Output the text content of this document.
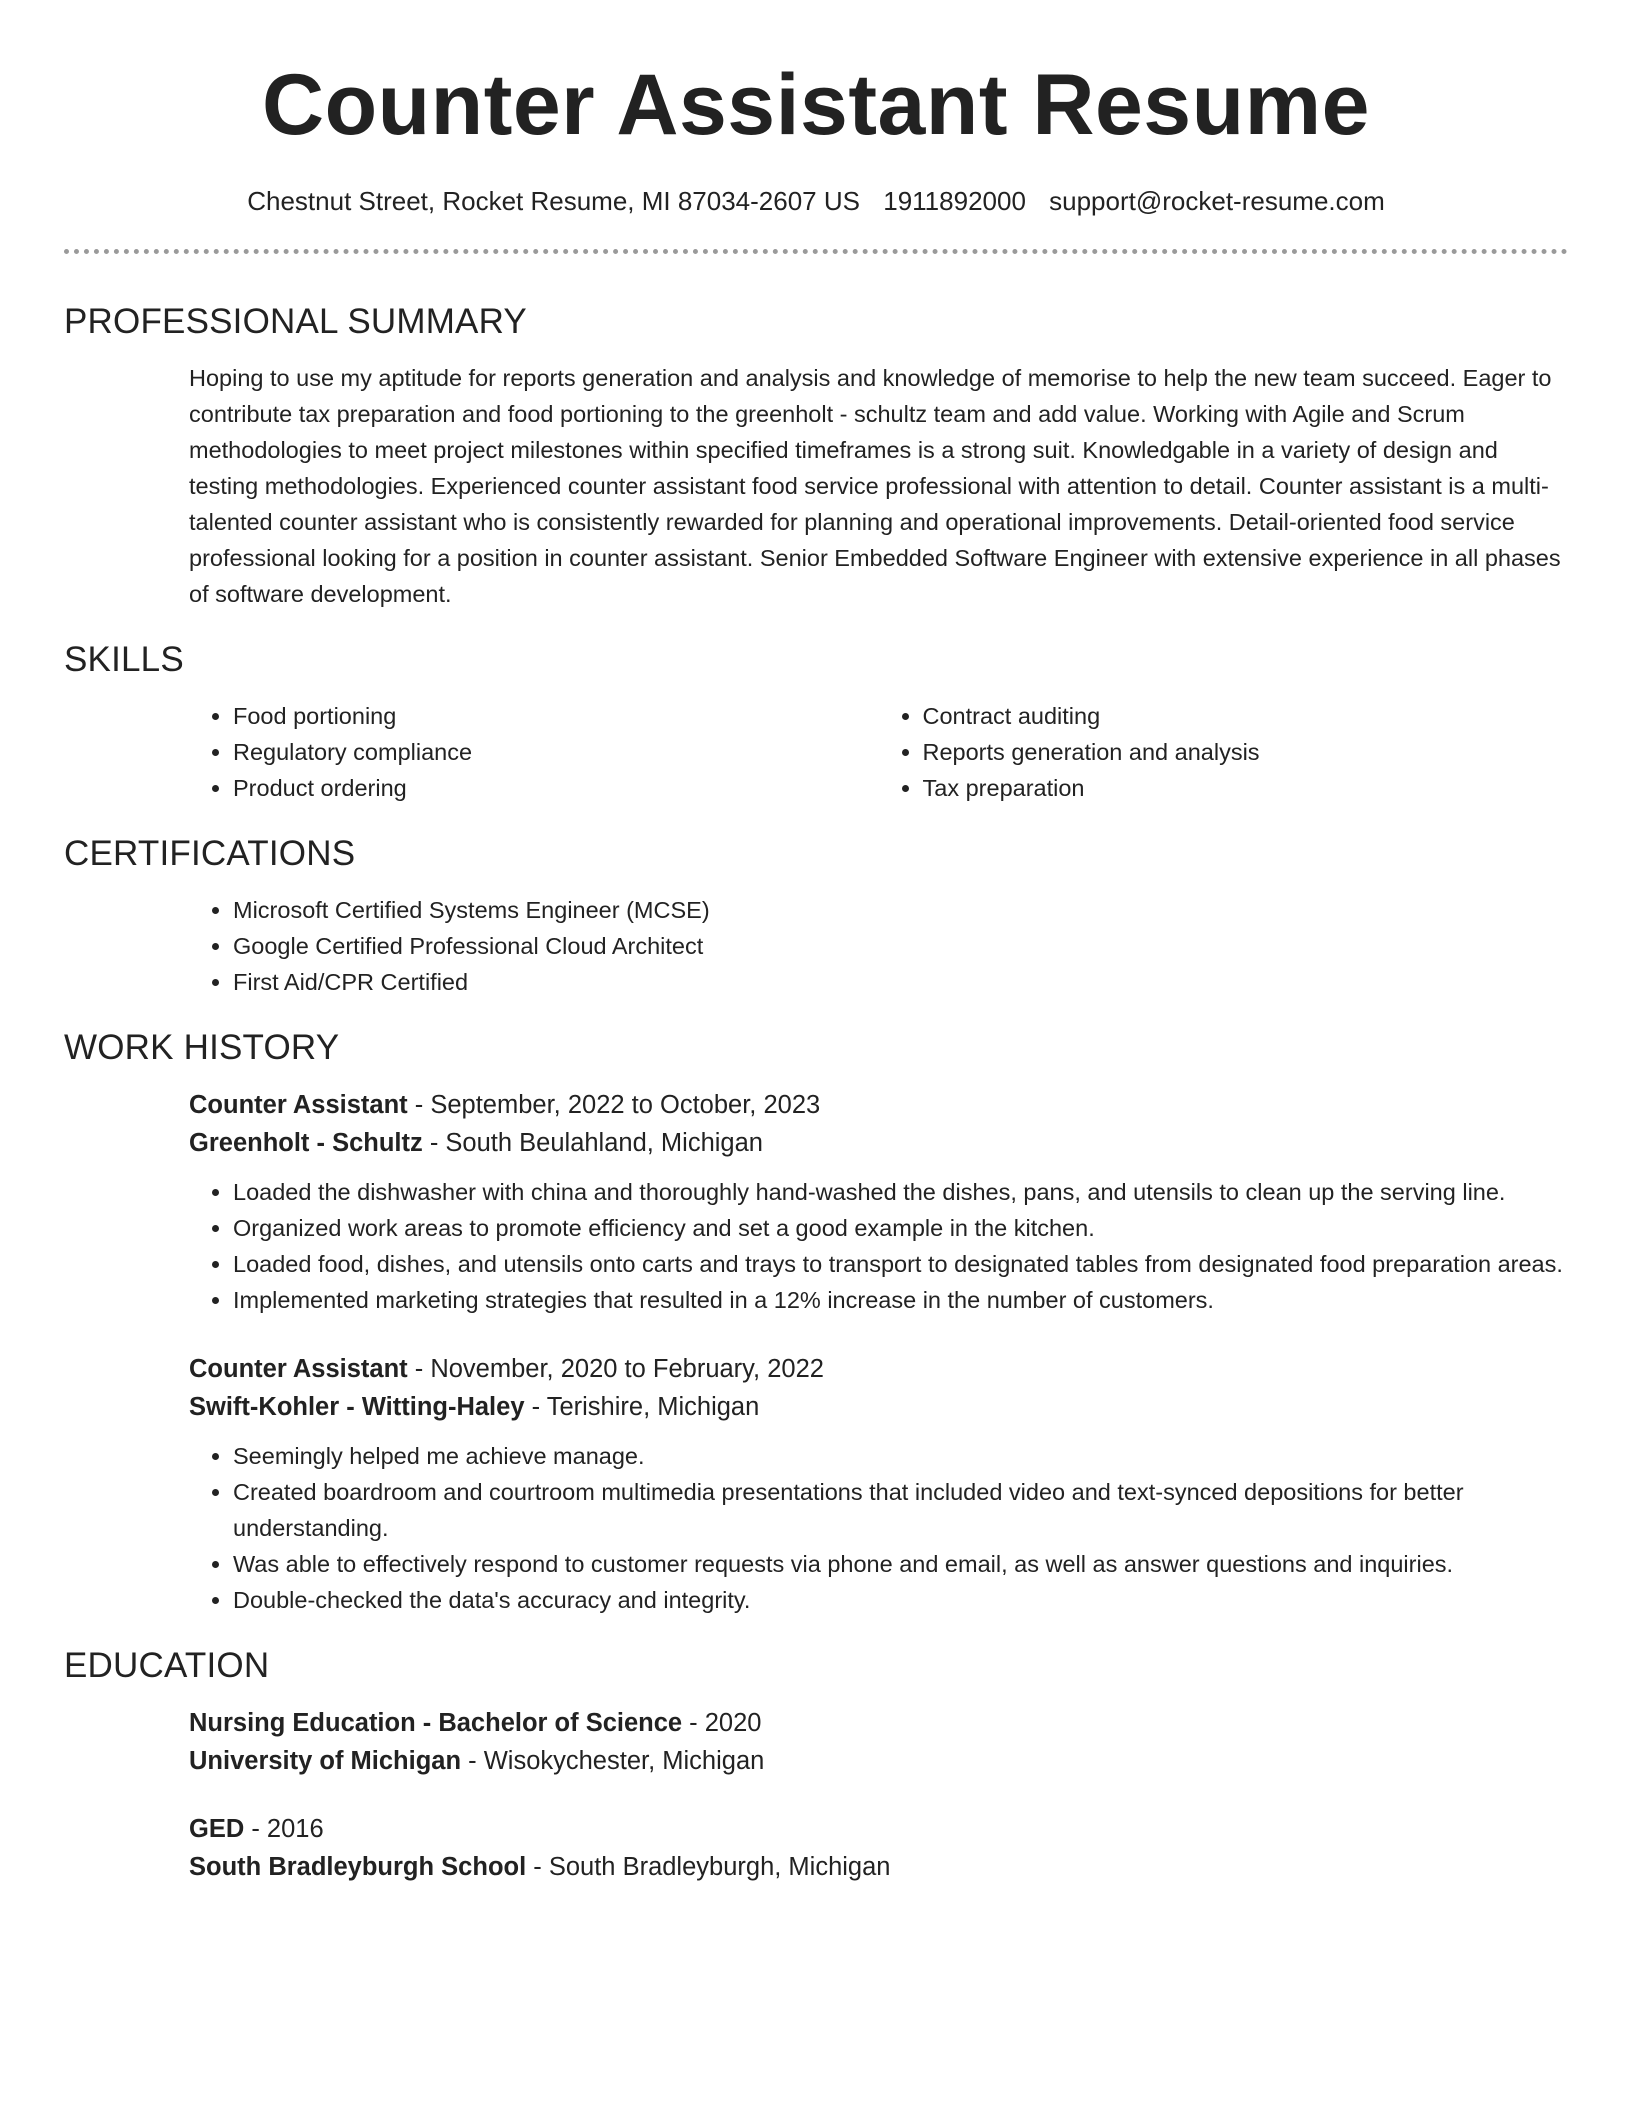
Counter Assistant Resume
Chestnut Street, Rocket Resume, MI 87034-2607 US 1911892000 support@rocket-resume.com
PROFESSIONAL SUMMARY

Hoping to use my aptitude for reports generation and analysis and knowledge of memorise to help the new team succeed. Eager to contribute tax preparation and food portioning to the greenholt - schultz team and add value. Working with Agile and Scrum methodologies to meet project milestones within specified timeframes is a strong suit. Knowledgable in a variety of design and testing methodologies. Experienced counter assistant food service professional with attention to detail. Counter assistant is a multi-talented counter assistant who is consistently rewarded for planning and operational improvements. Detail-oriented food service professional looking for a position in counter assistant. Senior Embedded Software Engineer with extensive experience in all phases of software development.

SKILLS
• Food portioning
• Regulatory compliance
• Product ordering
• Contract auditing
• Reports generation and analysis
• Tax preparation
CERTIFICATIONS
• Microsoft Certified Systems Engineer (MCSE)
• Google Certified Professional Cloud Architect
• First Aid/CPR Certified
WORK HISTORY
Counter Assistant - September, 2022 to October, 2023
Greenholt - Schultz - South Beulahland, Michigan
• Loaded the dishwasher with china and thoroughly hand-washed the dishes, pans, and utensils to clean up the serving line.
• Organized work areas to promote efficiency and set a good example in the kitchen.
• Loaded food, dishes, and utensils onto carts and trays to transport to designated tables from designated food preparation areas.
• Implemented marketing strategies that resulted in a 12% increase in the number of customers.
Counter Assistant - November, 2020 to February, 2022
Swift-Kohler - Witting-Haley - Terishire, Michigan
• Seemingly helped me achieve manage.
• Created boardroom and courtroom multimedia presentations that included video and text-synced depositions for better understanding.
• Was able to effectively respond to customer requests via phone and email, as well as answer questions and inquiries.
• Double-checked the data's accuracy and integrity.
EDUCATION
Nursing Education - Bachelor of Science - 2020
University of Michigan - Wisokychester, Michigan
GED - 2016
South Bradleyburgh School - South Bradleyburgh, Michigan
